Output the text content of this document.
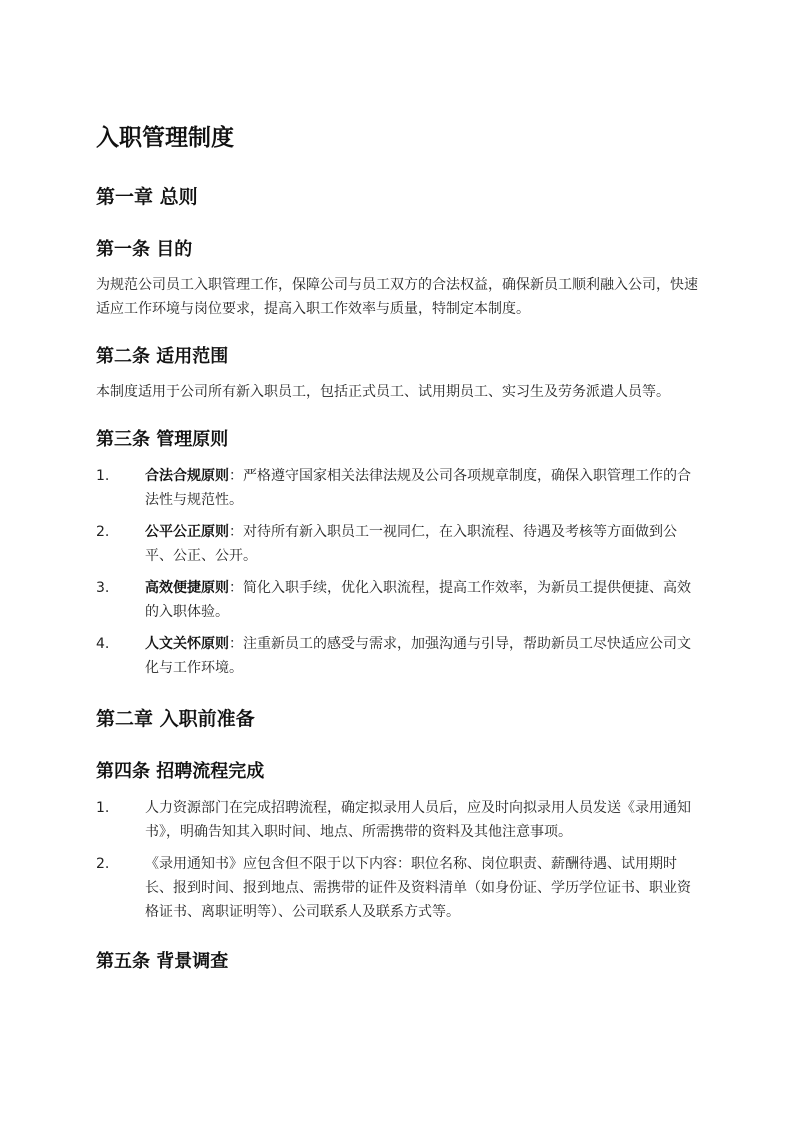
入职管理制度
第一章 总则
第一条 目的

为规范公司员工入职管理工作，保障公司与员工双方的合法权益，确保新员工顺利融入公司，快速适应工作环境与岗位要求，提高入职工作效率与质量，特制定本制度。

第二条 适用范围

本制度适用于公司所有新入职员工，包括正式员工、试用期员工、实习生及劳务派遣人员等。

第三条 管理原则
1.	合法合规原则：严格遵守国家相关法律法规及公司各项规章制度，确保入职管理工作的合法性与规范性。
2.	公平公正原则：对待所有新入职员工一视同仁，在入职流程、待遇及考核等方面做到公平、公正、公开。
3.	高效便捷原则：简化入职手续，优化入职流程，提高工作效率，为新员工提供便捷、高效的入职体验。
4.	人文关怀原则：注重新员工的感受与需求，加强沟通与引导，帮助新员工尽快适应公司文化与工作环境。
第二章 入职前准备
第四条 招聘流程完成
1.	人力资源部门在完成招聘流程，确定拟录用人员后，应及时向拟录用人员发送《录用通知书》，明确告知其入职时间、地点、所需携带的资料及其他注意事项。
2.	《录用通知书》应包含但不限于以下内容：职位名称、岗位职责、薪酬待遇、试用期时长、报到时间、报到地点、需携带的证件及资料清单（如身份证、学历学位证书、职业资格证书、离职证明等）、公司联系人及联系方式等。
第五条 背景调查
